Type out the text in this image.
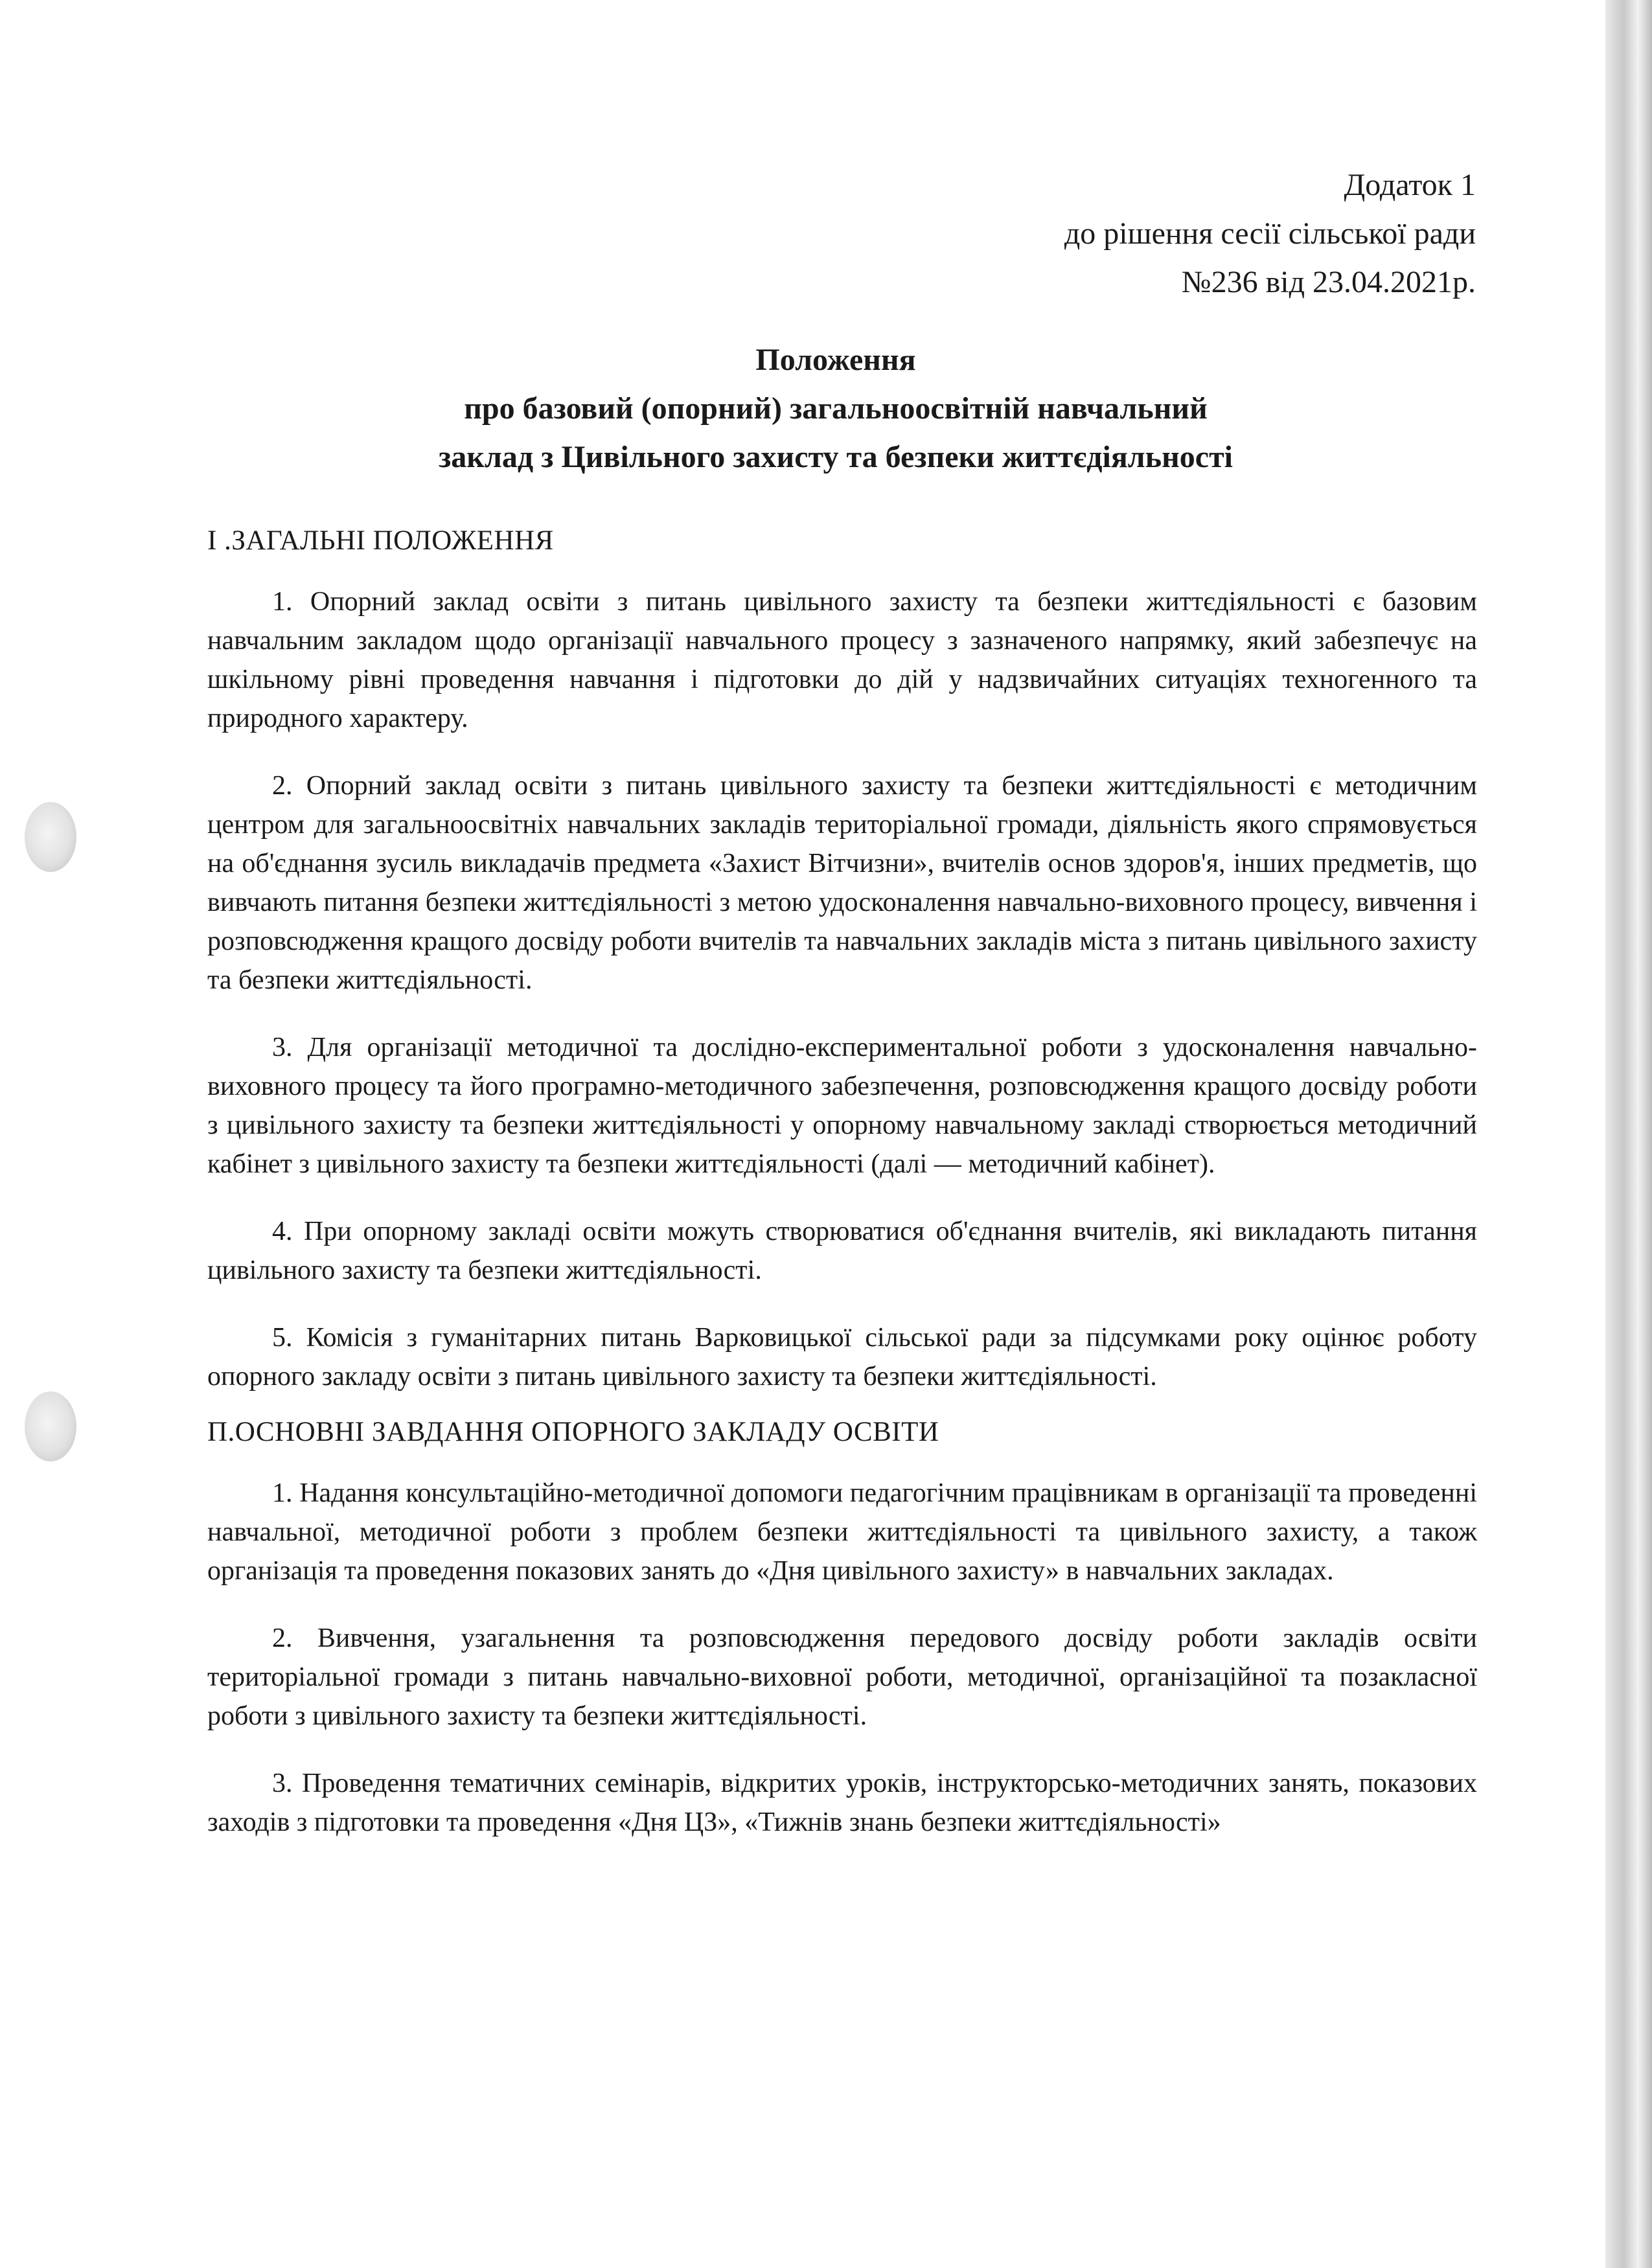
Додаток 1
до рішення сесії сільської ради
№236 від 23.04.2021р.
Положення
про базовий (опорний) загальноосвітній навчальний
заклад з Цивільного захисту та безпеки життєдіяльності

І .ЗАГАЛЬНІ ПОЛОЖЕННЯ

1. Опорний заклад освіти з питань цивільного захисту та безпеки життєдіяльності є базовим навчальним закладом щодо організації навчального процесу з зазначеного напрямку, який забезпечує на шкільному рівні проведення навчання і підготовки до дій у надзвичайних ситуаціях техногенного та природного характеру.

2. Опорний заклад освіти з питань цивільного захисту та безпеки життєдіяльності є методичним центром для загальноосвітніх навчальних закладів територіальної громади, діяльність якого спрямовується на об'єднання зусиль викладачів предмета «Захист Вітчизни», вчителів основ здоров'я, інших предметів, що вивчають питання безпеки життєдіяльності з метою удосконалення навчально-виховного процесу, вивчення і розповсюдження кращого досвіду роботи вчителів та навчальних закладів міста з питань цивільного захисту та безпеки життєдіяльності.

3. Для організації методичної та дослідно-експериментальної роботи з удосконалення навчально-виховного процесу та його програмно-методичного забезпечення, розповсюдження кращого досвіду роботи з цивільного захисту та безпеки життєдіяльності у опорному навчальному закладі створюється методичний кабінет з цивільного захисту та безпеки життєдіяльності (далі — методичний кабінет).

4. При опорному закладі освіти можуть створюватися об'єднання вчителів, які викладають питання цивільного захисту та безпеки життєдіяльності.

5. Комісія з гуманітарних питань Варковицької сільської ради за підсумками року оцінює роботу опорного закладу освіти з питань цивільного захисту та безпеки життєдіяльності.

П.ОСНОВНІ ЗАВДАННЯ ОПОРНОГО ЗАКЛАДУ ОСВІТИ

1. Надання консультаційно-методичної допомоги педагогічним працівникам в організації та проведенні навчальної, методичної роботи з проблем безпеки життєдіяльності та цивільного захисту, а також організація та проведення показових занять до «Дня цивільного захисту» в навчальних закладах.

2. Вивчення, узагальнення та розповсюдження передового досвіду роботи закладів освіти територіальної громади з питань навчально-виховної роботи, методичної, організаційної та позакласної роботи з цивільного захисту та безпеки життєдіяльності.

3. Проведення тематичних семінарів, відкритих уроків, інструкторсько-методичних занять, показових заходів з підготовки та проведення «Дня ЦЗ», «Тижнів знань безпеки життєдіяльності»
